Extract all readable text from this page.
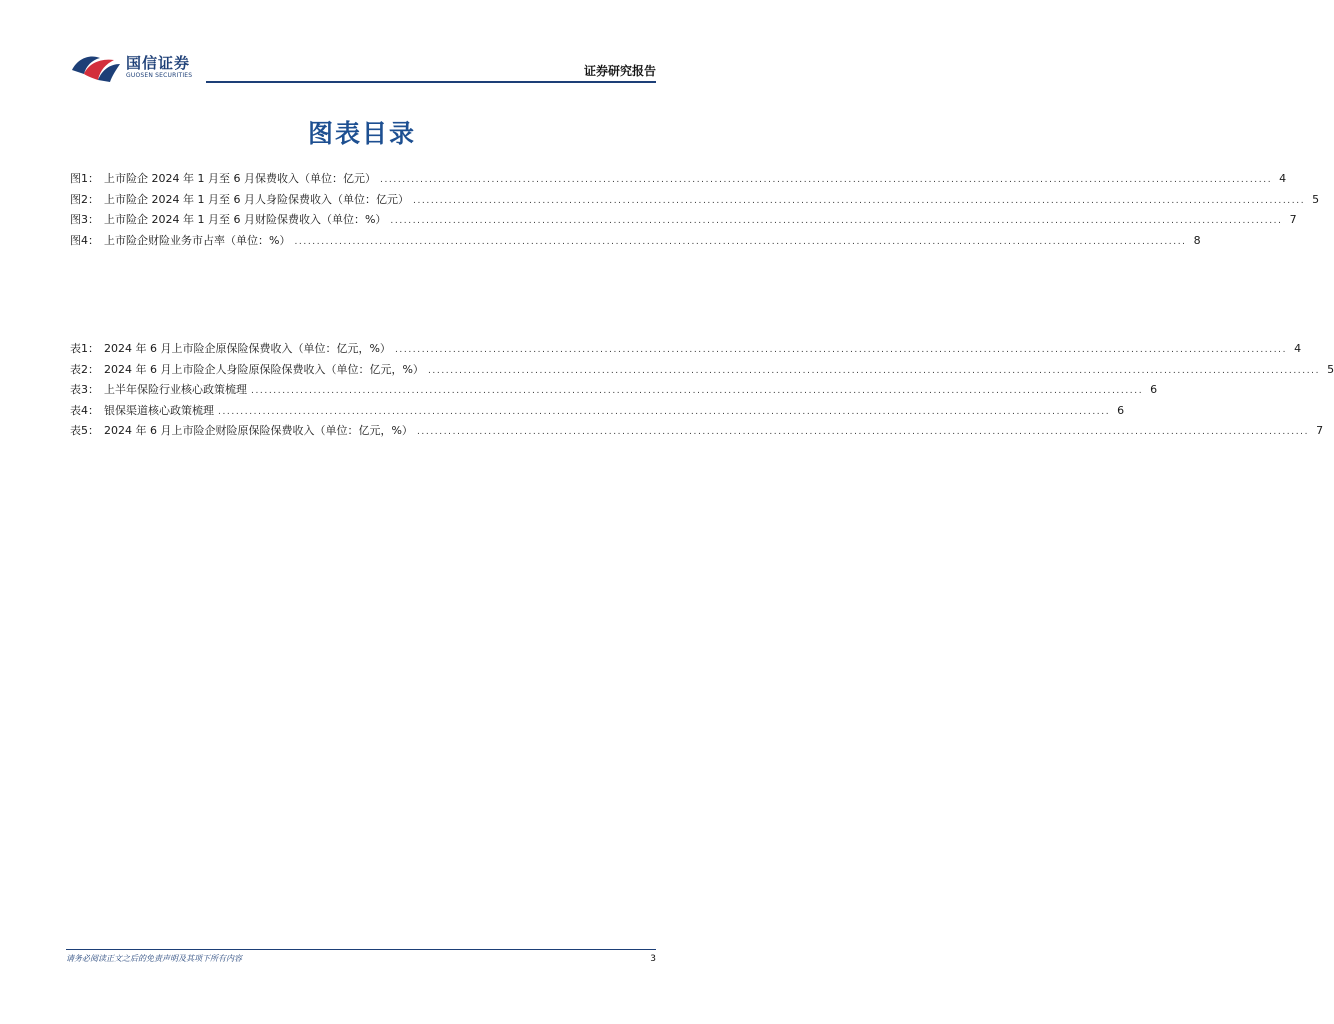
国信证券
GUOSEN SECURITIES	证券研究报告
图表目录
图1： 上市险企 2024 年 1 月至 6 月保费收入（单位：亿元） ........................................................................................................................................................................................................ 4
图2： 上市险企 2024 年 1 月至 6 月人身险保费收入（单位：亿元） ........................................................................................................................................................................................................ 5
图3： 上市险企 2024 年 1 月至 6 月财险保费收入（单位：%） ........................................................................................................................................................................................................ 7
图4： 上市险企财险业务市占率（单位：%） ........................................................................................................................................................................................................ 8
表1： 2024 年 6 月上市险企原保险保费收入（单位：亿元，%） ........................................................................................................................................................................................................ 4
表2： 2024 年 6 月上市险企人身险原保险保费收入（单位：亿元，%） ........................................................................................................................................................................................................ 5
表3： 上半年保险行业核心政策梳理 ........................................................................................................................................................................................................ 6
表4： 银保渠道核心政策梳理 ........................................................................................................................................................................................................ 6
表5： 2024 年 6 月上市险企财险原保险保费收入（单位：亿元，%） ........................................................................................................................................................................................................ 7
请务必阅读正文之后的免责声明及其项下所有内容	3
